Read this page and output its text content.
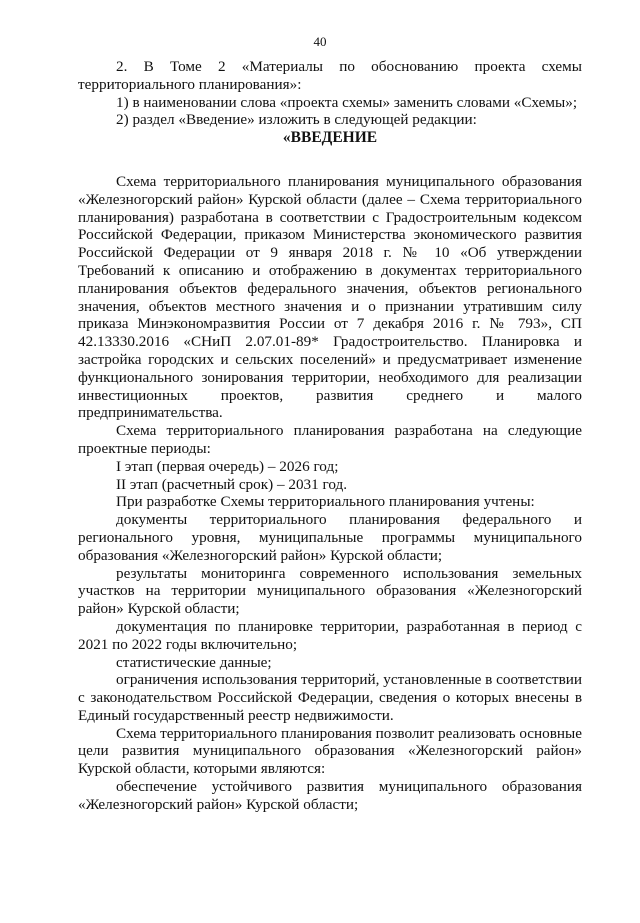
40

2. В Томе 2 «Материалы по обоснованию проекта схемы территориального планирования»:

1) в наименовании слова «проекта схемы» заменить словами «Схемы»;

2) раздел «Введение» изложить в следующей редакции:

«ВВЕДЕНИЕ

Схема территориального планирования муниципального образования «Железногорский район» Курской области (далее – Схема территориального планирования) разработана в соответствии с Градостроительным кодексом Российской Федерации, приказом Министерства экономического развития Российской Федерации от 9 января 2018 г. № 10 «Об утверждении Требований к описанию и отображению в документах территориального планирования объектов федерального значения, объектов регионального значения, объектов местного значения и о признании утратившим силу приказа Минэкономразвития России от 7 декабря 2016 г. № 793», СП 42.13330.2016 «СНиП 2.07.01-89* Градостроительство. Планировка и застройка городских и сельских поселений» и предусматривает изменение функционального зонирования территории, необходимого для реализации инвестиционных проектов, развития среднего и малого предпринимательства.

Схема территориального планирования разработана на следующие проектные периоды:

I этап (первая очередь) – 2026 год;

II этап (расчетный срок) – 2031 год.

При разработке Схемы территориального планирования учтены:

документы территориального планирования федерального и регионального уровня, муниципальные программы муниципального образования «Железногорский район» Курской области;

результаты мониторинга современного использования земельных участков на территории муниципального образования «Железногорский район» Курской области;

документация по планировке территории, разработанная в период с 2021 по 2022 годы включительно;

статистические данные;

ограничения использования территорий, установленные в соответствии с законодательством Российской Федерации, сведения о которых внесены в Единый государственный реестр недвижимости.

Схема территориального планирования позволит реализовать основные цели развития муниципального образования «Железногорский район» Курской области, которыми являются:

обеспечение устойчивого развития муниципального образования «Железногорский район» Курской области;
